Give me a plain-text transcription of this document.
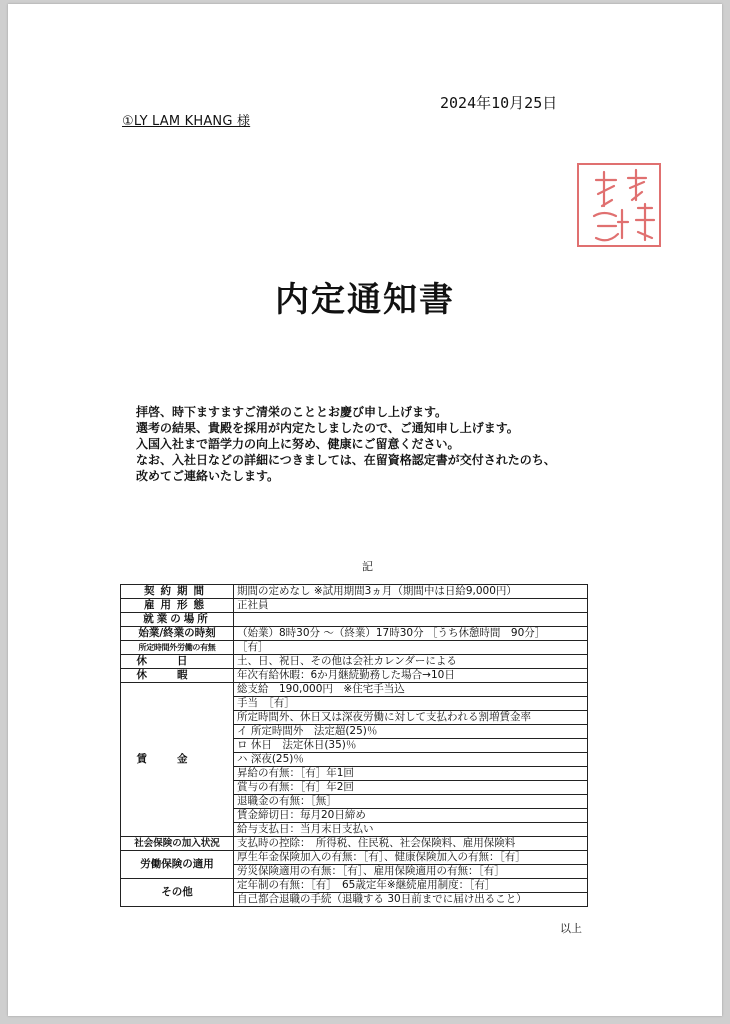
①LY LAM KHANG 様
2024年10月25日
内定通知書
拝啓、時下ますますご清栄のこととお慶び申し上げます。
選考の結果、貴殿を採用が内定たしましたので、ご通知申し上げます。
入国入社まで語学力の向上に努め、健康にご留意ください。
なお、入社日などの詳細につきましては、在留資格認定書が交付されたのち、
改めてご連絡いたします。
記
契約期間	期間の定めなし ※試用期間3ヵ月（期間中は日給9,000円）
雇用形態	正社員
就業の場所	
始業/終業の時刻	（始業）8時30分 ～（終業）17時30分 ［うち休憩時間　90分］
所定時間外労働の有無	［有］
休日	土、日、祝日、その他は会社カレンダーによる
休暇	年次有給休暇：6か月継続勤務した場合→10日
賃金	総支給　190,000円　※住宅手当込
	手当　［有］
	所定時間外、休日又は深夜労働に対して支払われる割増賃金率
	イ 所定時間外　法定超(25)％
	ロ 休日　法定休日(35)％
	ハ 深夜(25)％
	昇給の有無：［有］年1回
	賞与の有無：［有］年2回
	退職金の有無：［無］
	賃金締切日：毎月20日締め
	給与支払日：当月末日支払い
社会保険の加入状況	支払時の控除：　所得税、住民税、社会保険料、雇用保険料
労働保険の適用	厚生年金保険加入の有無：［有］、健康保険加入の有無：［有］
	労災保険適用の有無：［有］、雇用保険適用の有無：［有］
その他	定年制の有無：［有］　65歳定年※継続雇用制度：［有］
	自己都合退職の手続（退職する 30日前までに届け出ること）
以上
